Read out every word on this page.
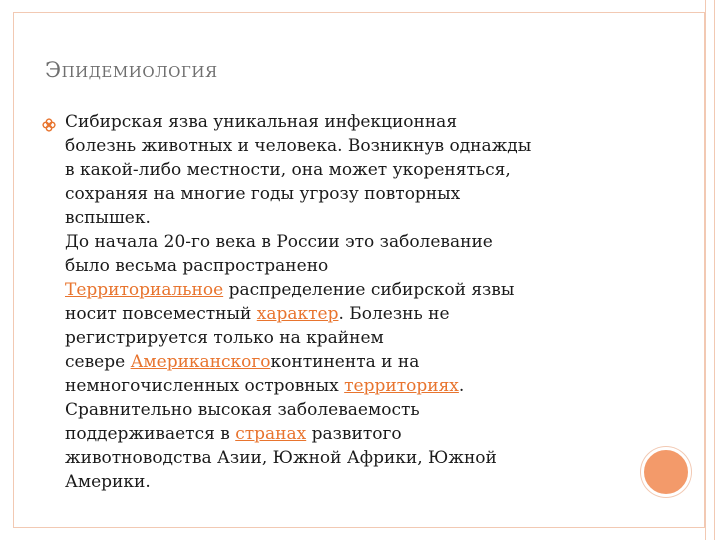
Эпидемиология
Сибирская язва уникальная инфекционная
болезнь животных и человека. Возникнув однажды
в какой-либо местности, она может укореняться,
сохраняя на многие годы угрозу повторных
вспышек.
До начала 20-го века в России это заболевание
было весьма распространено
Территориальное распределение сибирской язвы
носит повсеместный характер. Болезнь не
регистрируется только на крайнем
севере Американскогоконтинента и на
немногочисленных островных территориях.
Сравнительно высокая заболеваемость
поддерживается в странах развитого
животноводства Азии, Южной Африки, Южной
Америки.
